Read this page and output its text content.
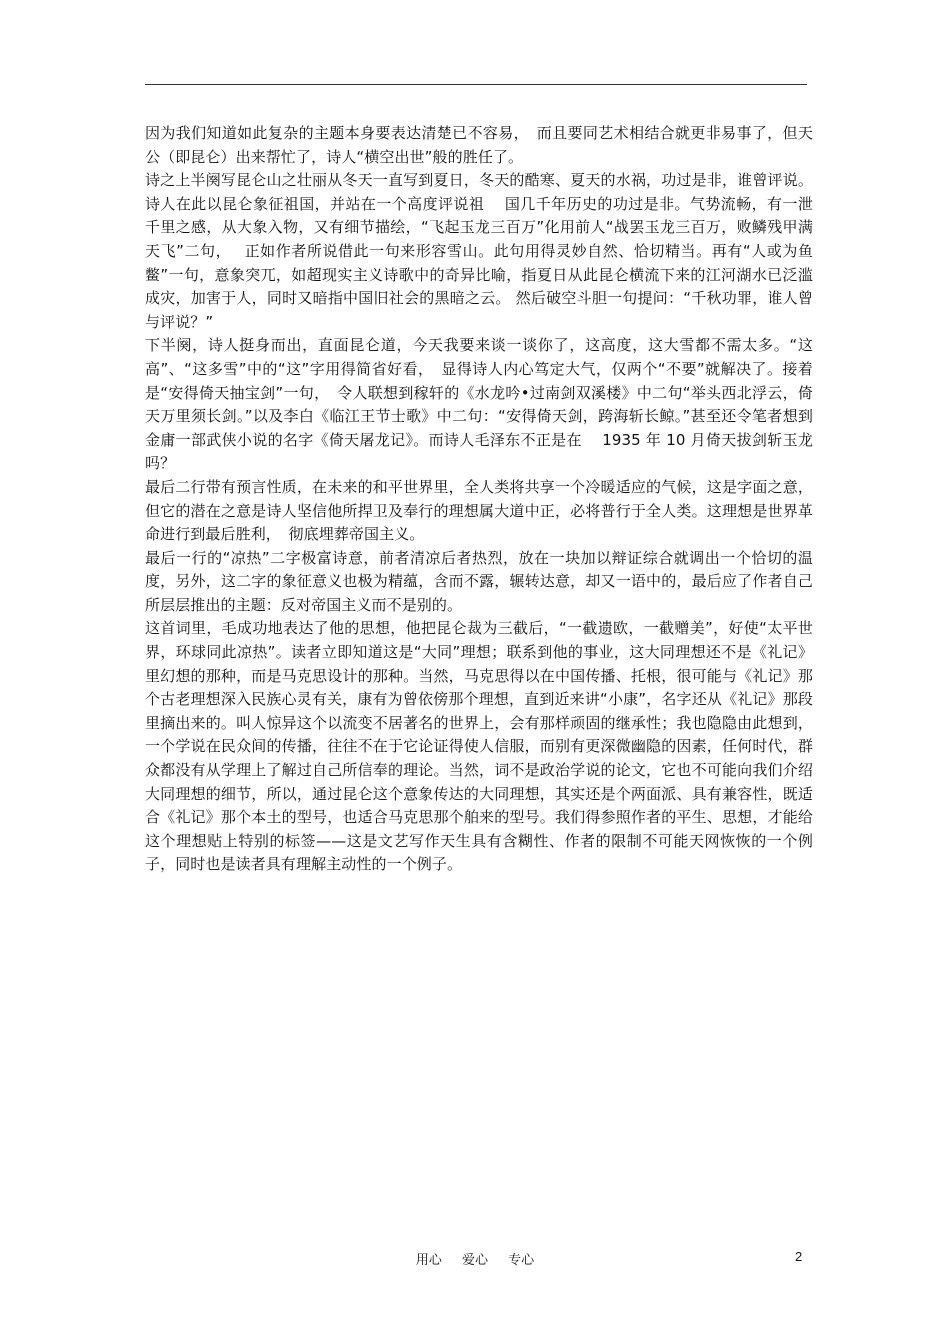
因为我们知道如此复杂的主题本身要表达清楚已不容易，　而且要同艺术相结合就更非易事了，但天公（即昆仑）出来帮忙了，诗人“横空出世”般的胜任了。

诗之上半阕写昆仑山之壮丽从冬天一直写到夏日，冬天的酷寒、夏天的水祸，功过是非，谁曾评说。诗人在此以昆仑象征祖国，并站在一个高度评说祖　 国几千年历史的功过是非。气势流畅，有一泄千里之感，从大象入物，又有细节描绘，“飞起玉龙三百万”化用前人“战罢玉龙三百万，败鳞残甲满天飞”二句，　 正如作者所说借此一句来形容雪山。此句用得灵妙自然、恰切精当。再有“人或为鱼鳖”一句，意象突兀，如超现实主义诗歌中的奇异比喻，指夏日从此昆仑横流下来的江河湖水已泛滥成灾，加害于人，同时又暗指中国旧社会的黑暗之云。 然后破空斗胆一句提问：“千秋功罪，谁人曾与评说？”

下半阕，诗人挺身而出，直面昆仑道，今天我要来谈一谈你了，这高度，这大雪都不需太多。“这高”、“这多雪”中的“这”字用得简省好看，　显得诗人内心笃定大气，仅两个“不要”就解决了。接着是“安得倚天抽宝剑”一句，　令人联想到稼轩的《水龙吟•过南剑双溪楼》中二句“举头西北浮云，倚天万里须长剑。”以及李白《临江王节士歌》中二句：“安得倚天剑，跨海斩长鲸。”甚至还令笔者想到金庸一部武侠小说的名字《倚天屠龙记》。而诗人毛泽东不正是在　 1935 年 10 月倚天拔剑斩玉龙吗？

最后二行带有预言性质，在未来的和平世界里，全人类将共享一个冷暖适应的气候，这是字面之意，但它的潜在之意是诗人坚信他所捍卫及奉行的理想属大道中正，必将普行于全人类。这理想是世界革命进行到最后胜利，　彻底埋葬帝国主义。

最后一行的“凉热”二字极富诗意，前者清凉后者热烈，放在一块加以辩证综合就调出一个恰切的温度，另外，这二字的象征意义也极为精蕴，含而不露，辗转达意，却又一语中的，最后应了作者自己所层层推出的主题：反对帝国主义而不是别的。

这首词里，毛成功地表达了他的思想，他把昆仑裁为三截后，“一截遗欧，一截赠美”，好使“太平世界，环球同此凉热”。读者立即知道这是“大同”理想；联系到他的事业，这大同理想还不是《礼记》里幻想的那种，而是马克思设计的那种。当然，马克思得以在中国传播、托根，很可能与《礼记》那个古老理想深入民族心灵有关，康有为曾依傍那个理想，直到近来讲“小康”，名字还从《礼记》那段里摘出来的。叫人惊异这个以流变不居著名的世界上，会有那样顽固的继承性；我也隐隐由此想到，一个学说在民众间的传播，往往不在于它论证得使人信服，而别有更深微幽隐的因素，任何时代，群众都没有从学理上了解过自己所信奉的理论。当然，词不是政治学说的论文，它也不可能向我们介绍大同理想的细节，所以，通过昆仑这个意象传达的大同理想，其实还是个两面派、具有兼容性，既适合《礼记》那个本土的型号，也适合马克思那个舶来的型号。我们得参照作者的平生、思想，才能给这个理想贴上特别的标签——这是文艺写作天生具有含糊性、作者的限制不可能天网恢恢的一个例子，同时也是读者具有理解主动性的一个例子。

用心 爱心 专心	2
